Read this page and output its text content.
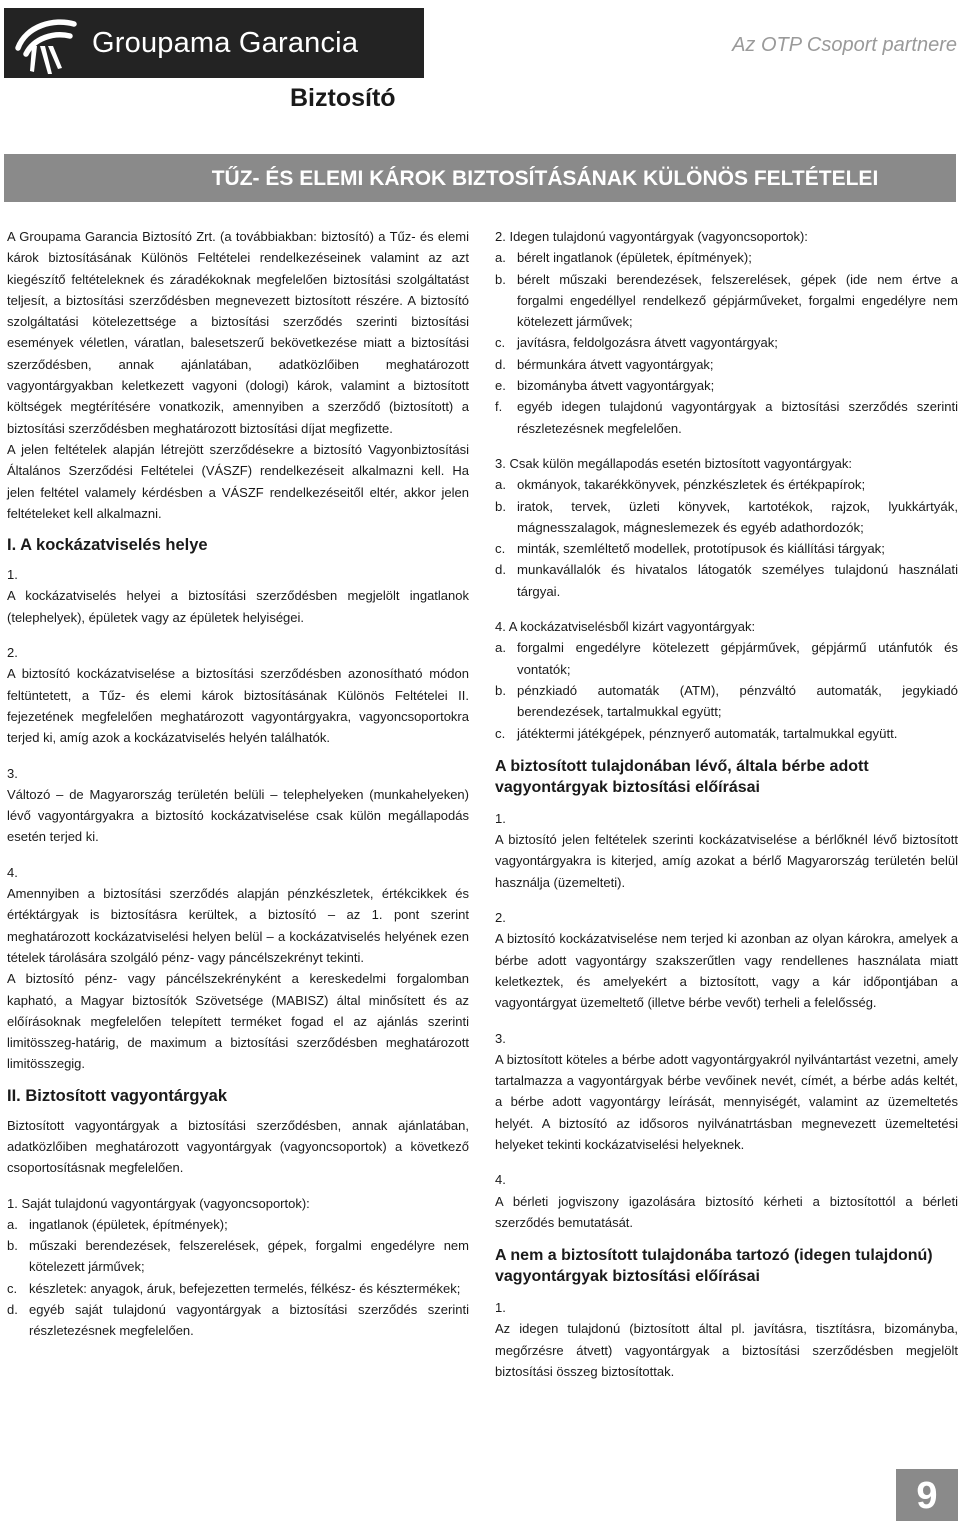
Groupama Garancia
Biztosító
Az OTP Csoport partnere
TŰZ- ÉS ELEMI KÁROK BIZTOSÍTÁSÁNAK KÜLÖNÖS FELTÉTELEI

A Groupama Garancia Biztosító Zrt. (a továbbiakban: biztosító) a Tűz- és elemi károk biztosításának Különös Feltételei rendelkezéseinek valamint az azt kiegészítő feltételeknek és záradékoknak megfelelően biztosítási szolgáltatást teljesít, a biztosítási szerződésben megnevezett biztosított részére. A biztosító szolgáltatási kötelezettsége a biztosítási szerződés szerinti biztosítási események véletlen, váratlan, balesetszerű bekövetkezése miatt a biztosítási szerződésben, annak ajánlatában, adatközlőiben meghatározott vagyontárgyakban keletkezett vagyoni (dologi) károk, valamint a biztosított költségek megtérítésére vonatkozik, amennyiben a szerződő (biztosított) a biztosítási szerződésben meghatározott biztosítási díjat megfizette.

A jelen feltételek alapján létrejött szerződésekre a biztosító Vagyonbiztosítási Általános Szerződési Feltételei (VÁSZF) rendelkezéseit alkalmazni kell. Ha jelen feltétel valamely kérdésben a VÁSZF rendelkezéseitől eltér, akkor jelen feltételeket kell alkalmazni.

I. A kockázatviselés helye

1.

A kockázatviselés helyei a biztosítási szerződésben megjelölt ingatlanok (telephelyek), épületek vagy az épületek helyiségei.

2.

A biztosító kockázatviselése a biztosítási szerződésben azonosítható módon feltüntetett, a Tűz- és elemi károk biztosításának Különös Feltételei II. fejezetének megfelelően meghatározott vagyontárgyakra, vagyoncsoportokra terjed ki, amíg azok a kockázatviselés helyén találhatók.

3.

Változó – de Magyarország területén belüli – telephelyeken (munkahelyeken) lévő vagyontárgyakra a biztosító kockázatviselése csak külön megállapodás esetén terjed ki.

4.

Amennyiben a biztosítási szerződés alapján pénzkészletek, értékcikkek és értéktárgyak is biztosításra kerültek, a biztosító – az 1. pont szerint meghatározott kockázatviselési helyen belül – a kockázatviselés helyének ezen tételek tárolására szolgáló pénz- vagy páncélszekrényt tekinti.

A biztosító pénz- vagy páncélszekrényként a kereskedelmi forgalomban kapható, a Magyar biztosítók Szövetsége (MABISZ) által minősített és az előírásoknak megfelelően telepített terméket fogad el az ajánlás szerinti limitösszeg-határig, de maximum a biztosítási szerződésben meghatározott limitösszegig.

II. Biztosított vagyontárgyak

Biztosított vagyontárgyak a biztosítási szerződésben, annak ajánlatában, adatközlőiben meghatározott vagyontárgyak (vagyoncsoportok) a következő csoportosításnak megfelelően.

1. Saját tulajdonú vagyontárgyak (vagyoncsoportok):

a. ingatlanok (épületek, építmények);
b. műszaki berendezések, felszerelések, gépek, forgalmi engedélyre nem kötelezett járművek;
c. készletek: anyagok, áruk, befejezetten termelés, félkész- és késztermékek;
d. egyéb saját tulajdonú vagyontárgyak a biztosítási szerződés szerinti részletezésnek megfelelően.

2. Idegen tulajdonú vagyontárgyak (vagyoncsoportok):

a. bérelt ingatlanok (épületek, építmények);
b. bérelt műszaki berendezések, felszerelések, gépek (ide nem értve a forgalmi engedéllyel rendelkező gépjárműveket, forgalmi engedélyre nem kötelezett járművek;
c. javításra, feldolgozásra átvett vagyontárgyak;
d. bérmunkára átvett vagyontárgyak;
e. bizományba átvett vagyontárgyak;
f. egyéb idegen tulajdonú vagyontárgyak a biztosítási szerződés szerinti részletezésnek megfelelően.

3. Csak külön megállapodás esetén biztosított vagyontárgyak:

a. okmányok, takarékkönyvek, pénzkészletek és értékpapírok;
b. iratok, tervek, üzleti könyvek, kartotékok, rajzok, lyukkártyák, mágnesszalagok, mágneslemezek és egyéb adathordozók;
c. minták, szemléltető modellek, prototípusok és kiállítási tárgyak;
d. munkavállalók és hivatalos látogatók személyes tulajdonú használati tárgyai.

4. A kockázatviselésből kizárt vagyontárgyak:

a. forgalmi engedélyre kötelezett gépjárművek, gépjármű utánfutók és vontatók;
b. pénzkiadó automaták (ATM), pénzváltó automaták, jegykiadó berendezések, tartalmukkal együtt;
c. játéktermi játékgépek, pénznyerő automaták, tartalmukkal együtt.
A biztosított tulajdonában lévő, általa bérbe adott vagyontárgyak biztosítási előírásai

1.

A biztosító jelen feltételek szerinti kockázatviselése a bérlőknél lévő biztosított vagyontárgyakra is kiterjed, amíg azokat a bérlő Magyarország területén belül használja (üzemelteti).

2.

A biztosító kockázatviselése nem terjed ki azonban az olyan károkra, amelyek a bérbe adott vagyontárgy szakszerűtlen vagy rendellenes használata miatt keletkeztek, és amelyekért a biztosított, vagy a kár időpontjában a vagyontárgyat üzemeltető (illetve bérbe vevőt) terheli a felelősség.

3.

A biztosított köteles a bérbe adott vagyontárgyakról nyilvántartást vezetni, amely tartalmazza a vagyontárgyak bérbe vevőinek nevét, címét, a bérbe adás keltét, a bérbe adott vagyontárgy leírását, mennyiségét, valamint az üzemeltetés helyét. A biztosító az idősoros nyilvánatrtásban megnevezett üzemeltetési helyeket tekinti kockázatviselési helyeknek.

4.

A bérleti jogviszony igazolására biztosító kérheti a biztosítottól a bérleti szerződés bemutatását.

A nem a biztosított tulajdonába tartozó (idegen tulajdonú) vagyontárgyak biztosítási előírásai

1.

Az idegen tulajdonú (biztosított által pl. javításra, tisztításra, bizományba, megőrzésre átvett) vagyontárgyak a biztosítási szerződésben megjelölt biztosítási összeg biztosítottak.

9
